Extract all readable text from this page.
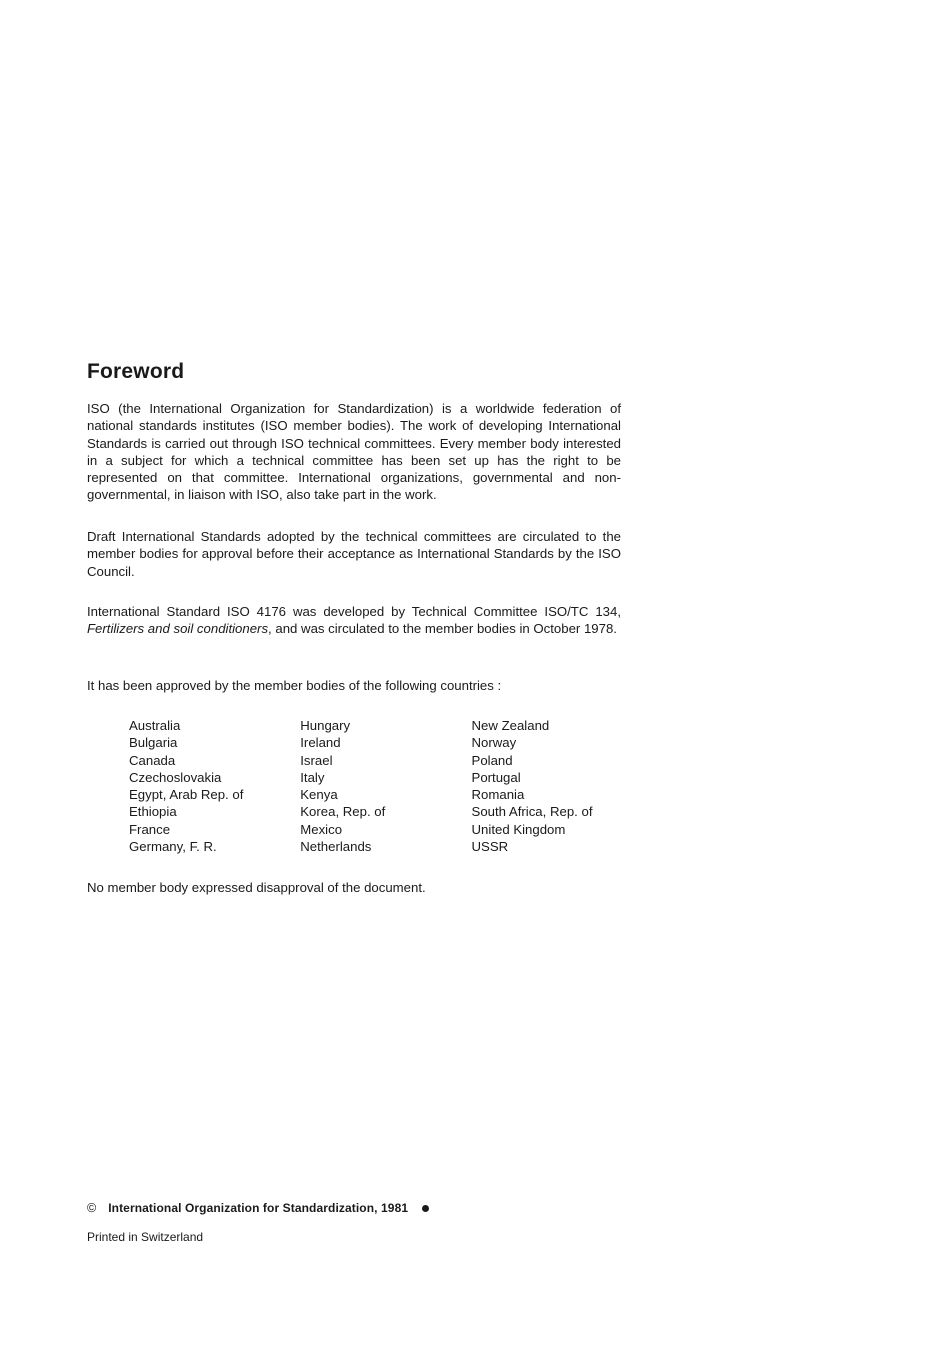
Foreword

ISO (the International Organization for Standardization) is a worldwide federation of national standards institutes (ISO member bodies). The work of developing International Standards is carried out through ISO technical committees. Every member body interested in a subject for which a technical committee has been set up has the right to be represented on that committee. International organizations, governmental and non-governmental, in liaison with ISO, also take part in the work.

Draft International Standards adopted by the technical committees are circulated to the member bodies for approval before their acceptance as International Standards by the ISO Council.

International Standard ISO 4176 was developed by Technical Committee ISO/TC 134, Fertilizers and soil conditioners, and was circulated to the member bodies in October 1978.

It has been approved by the member bodies of the following countries :

Australia
Bulgaria
Canada
Czechoslovakia
Egypt, Arab Rep. of
Ethiopia
France
Germany, F. R.
Hungary
Ireland
Israel
Italy
Kenya
Korea, Rep. of
Mexico
Netherlands
New Zealand
Norway
Poland
Portugal
Romania
South Africa, Rep. of
United Kingdom
USSR

No member body expressed disapproval of the document.

© International Organization for Standardization, 1981
Printed in Switzerland
